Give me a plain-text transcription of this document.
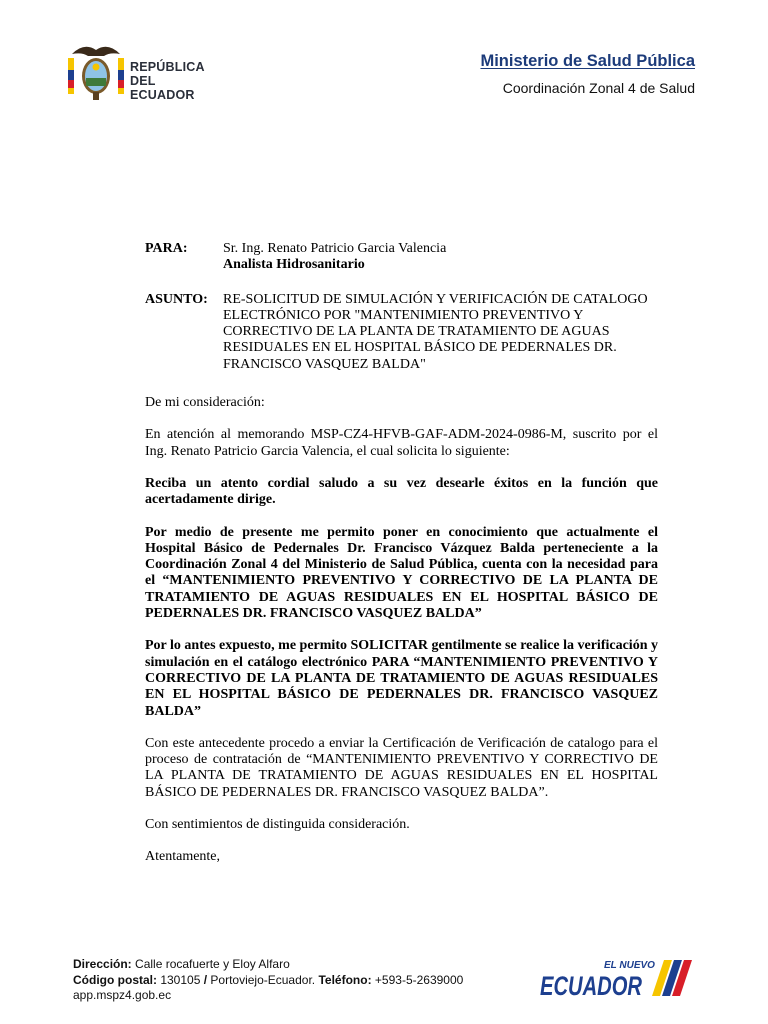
REPÚBLICA
DEL ECUADOR
Ministerio de Salud Pública
Coordinación Zonal 4 de Salud
PARA:	Sr. Ing. Renato Patricio Garcia Valencia
Analista Hidrosanitario
ASUNTO:	RE-SOLICITUD DE SIMULACIÓN Y VERIFICACIÓN DE CATALOGO
ELECTRÓNICO POR "MANTENIMIENTO PREVENTIVO Y
CORRECTIVO DE LA PLANTA DE TRATAMIENTO DE AGUAS
RESIDUALES EN EL HOSPITAL BÁSICO DE PEDERNALES DR.
FRANCISCO VASQUEZ BALDA"

De mi consideración:

En atención al memorando MSP-CZ4-HFVB-GAF-ADM-2024-0986-M, suscrito por el Ing. Renato Patricio Garcia Valencia, el cual solicita lo siguiente:

Reciba un atento cordial saludo a su vez desearle éxitos en la función que acertadamente dirige.

Por medio de presente me permito poner en conocimiento que actualmente el Hospital Básico de Pedernales Dr. Francisco Vázquez Balda perteneciente a la Coordinación Zonal 4 del Ministerio de Salud Pública, cuenta con la necesidad para el “MANTENIMIENTO PREVENTIVO Y CORRECTIVO DE LA PLANTA DE TRATAMIENTO DE AGUAS RESIDUALES EN EL HOSPITAL BÁSICO DE PEDERNALES DR. FRANCISCO VASQUEZ BALDA”

Por lo antes expuesto, me permito SOLICITAR gentilmente se realice la verificación y simulación en el catálogo electrónico PARA “MANTENIMIENTO PREVENTIVO Y CORRECTIVO DE LA PLANTA DE TRATAMIENTO DE AGUAS RESIDUALES EN EL HOSPITAL BÁSICO DE PEDERNALES DR. FRANCISCO VASQUEZ BALDA”

Con este antecedente procedo a enviar la Certificación de Verificación de catalogo para el proceso de contratación de “MANTENIMIENTO PREVENTIVO Y CORRECTIVO DE LA PLANTA DE TRATAMIENTO DE AGUAS RESIDUALES EN EL HOSPITAL BÁSICO DE PEDERNALES DR. FRANCISCO VASQUEZ BALDA”.

Con sentimientos de distinguida consideración.

Atentamente,

Dirección: Calle rocafuerte y Eloy Alfaro
Código postal: 130105 / Portoviejo-Ecuador. Teléfono: +593-5-2639000
app.mspz4.gob.ec
EL NUEVO
ECUADOR
